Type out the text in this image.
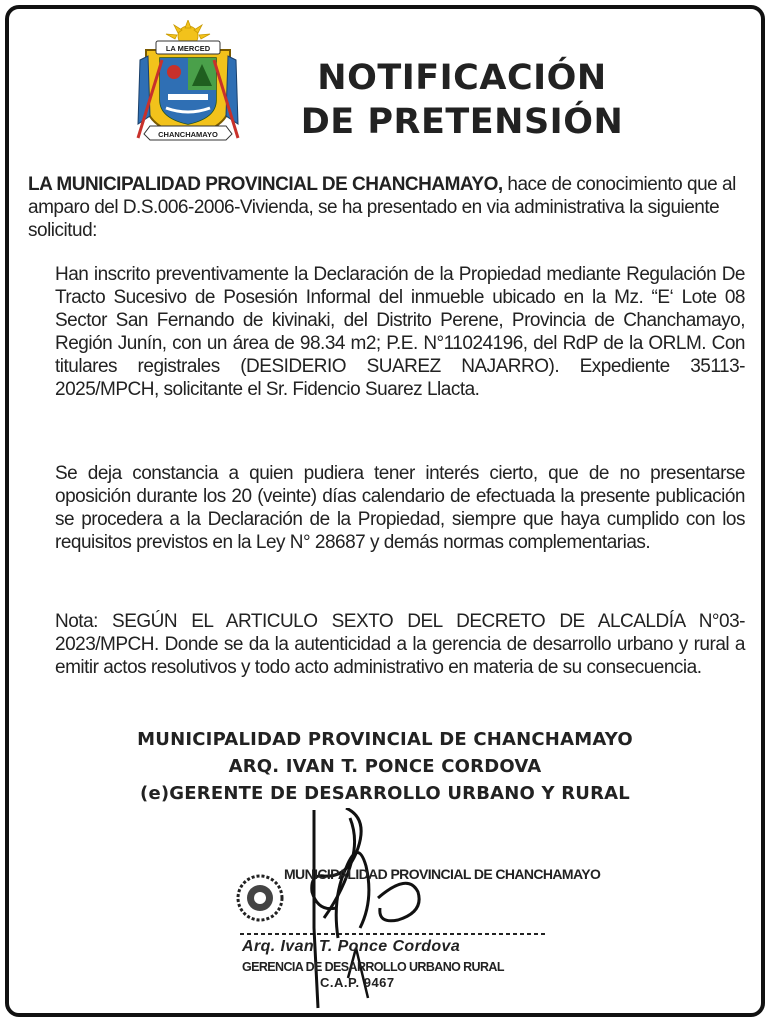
LA MERCED
CHANCHAMAYO
NOTIFICACIÓN
DE PRETENSIÓN
LA MUNICIPALIDAD PROVINCIAL DE CHANCHAMAYO, hace de conocimiento que al amparo del D.S.006-2006-Vivienda, se ha presentado en via administrativa la siguiente solicitud:

Han inscrito preventivamente la Declaración de la Propiedad mediante Regulación De Tracto Sucesivo de Posesión Informal del inmueble ubicado en la Mz. “E‘ Lote 08 Sector San Fernando de kivinaki, del Distrito Perene, Provincia de Chanchamayo, Región Junín, con un área de 98.34 m2; P.E. N°11024196, del RdP de la ORLM. Con titulares registrales (DESIDERIO SUAREZ NAJARRO). Expediente 35113-2025/MPCH, solicitante el Sr. Fidencio Suarez Llacta.

Se deja constancia a quien pudiera tener interés cierto, que de no presentarse oposición durante los 20 (veinte) días calendario de efectuada la presente publicación se procedera a la Declaración de la Propiedad, siempre que haya cumplido con los requisitos previstos en la Ley N° 28687 y demás normas complementarias.

Nota: SEGÚN EL ARTICULO SEXTO DEL DECRETO DE ALCALDÍA N°03-2023/MPCH. Donde se da la autenticidad a la gerencia de desarrollo urbano y rural a emitir actos resolutivos y todo acto administrativo en materia de su consecuencia.

MUNICIPALIDAD PROVINCIAL DE CHANCHAMAYO
ARQ. IVAN T. PONCE CORDOVA
(e)GERENTE DE DESARROLLO URBANO Y RURAL
MUNICIPALIDAD PROVINCIAL DE CHANCHAMAYO
Arq. Ivan T. Ponce Cordova
GERENCIA DE DESARROLLO URBANO RURAL
C.A.P. 9467
